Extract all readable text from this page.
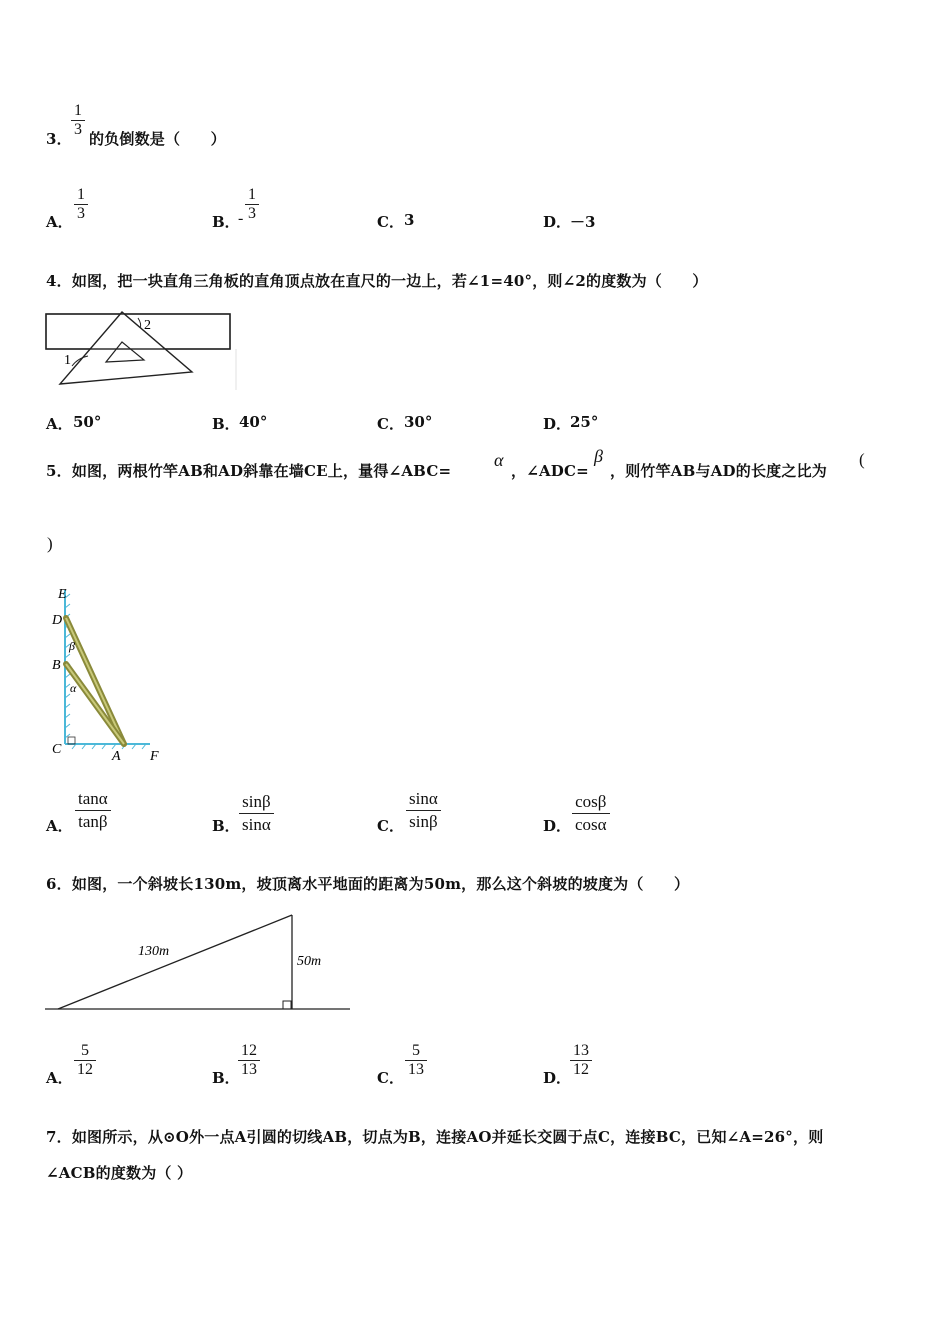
3．
1
3
的负倒数是（　　）
A．
1
3	B．
-
1
3	C． 3	D．
－3
4．如图，把一块直角三角板的直角顶点放在直尺的一边上，若∠1=40°，则∠2的度数为（　　）
1
2
A． 50°	B． 40°	C． 30°	D．
25°
5．如图，两根竹竿AB和AD斜靠在墙CE上，量得∠ABC=
α
，∠ADC=
β
，则竹竿AB与AD的长度之比为
(
)
E
D
B
C	A F
β
α
A．
tanα
tanβ	B．
sinβ
sinα	C．
sinα
sinβ	D．
cosβ
cosα
6．如图，一个斜坡长130m，坡顶离水平地面的距离为50m，那么这个斜坡的坡度为（　　）
130m
50m
A．
5
12	B．
12
13	C．
5
13	D．
13
12
7．如图所示，从⊙O外一点A引圆的切线AB，切点为B，连接AO并延长交圆于点C，连接BC，已知∠A=26°，则
∠ACB的度数为（ ）
